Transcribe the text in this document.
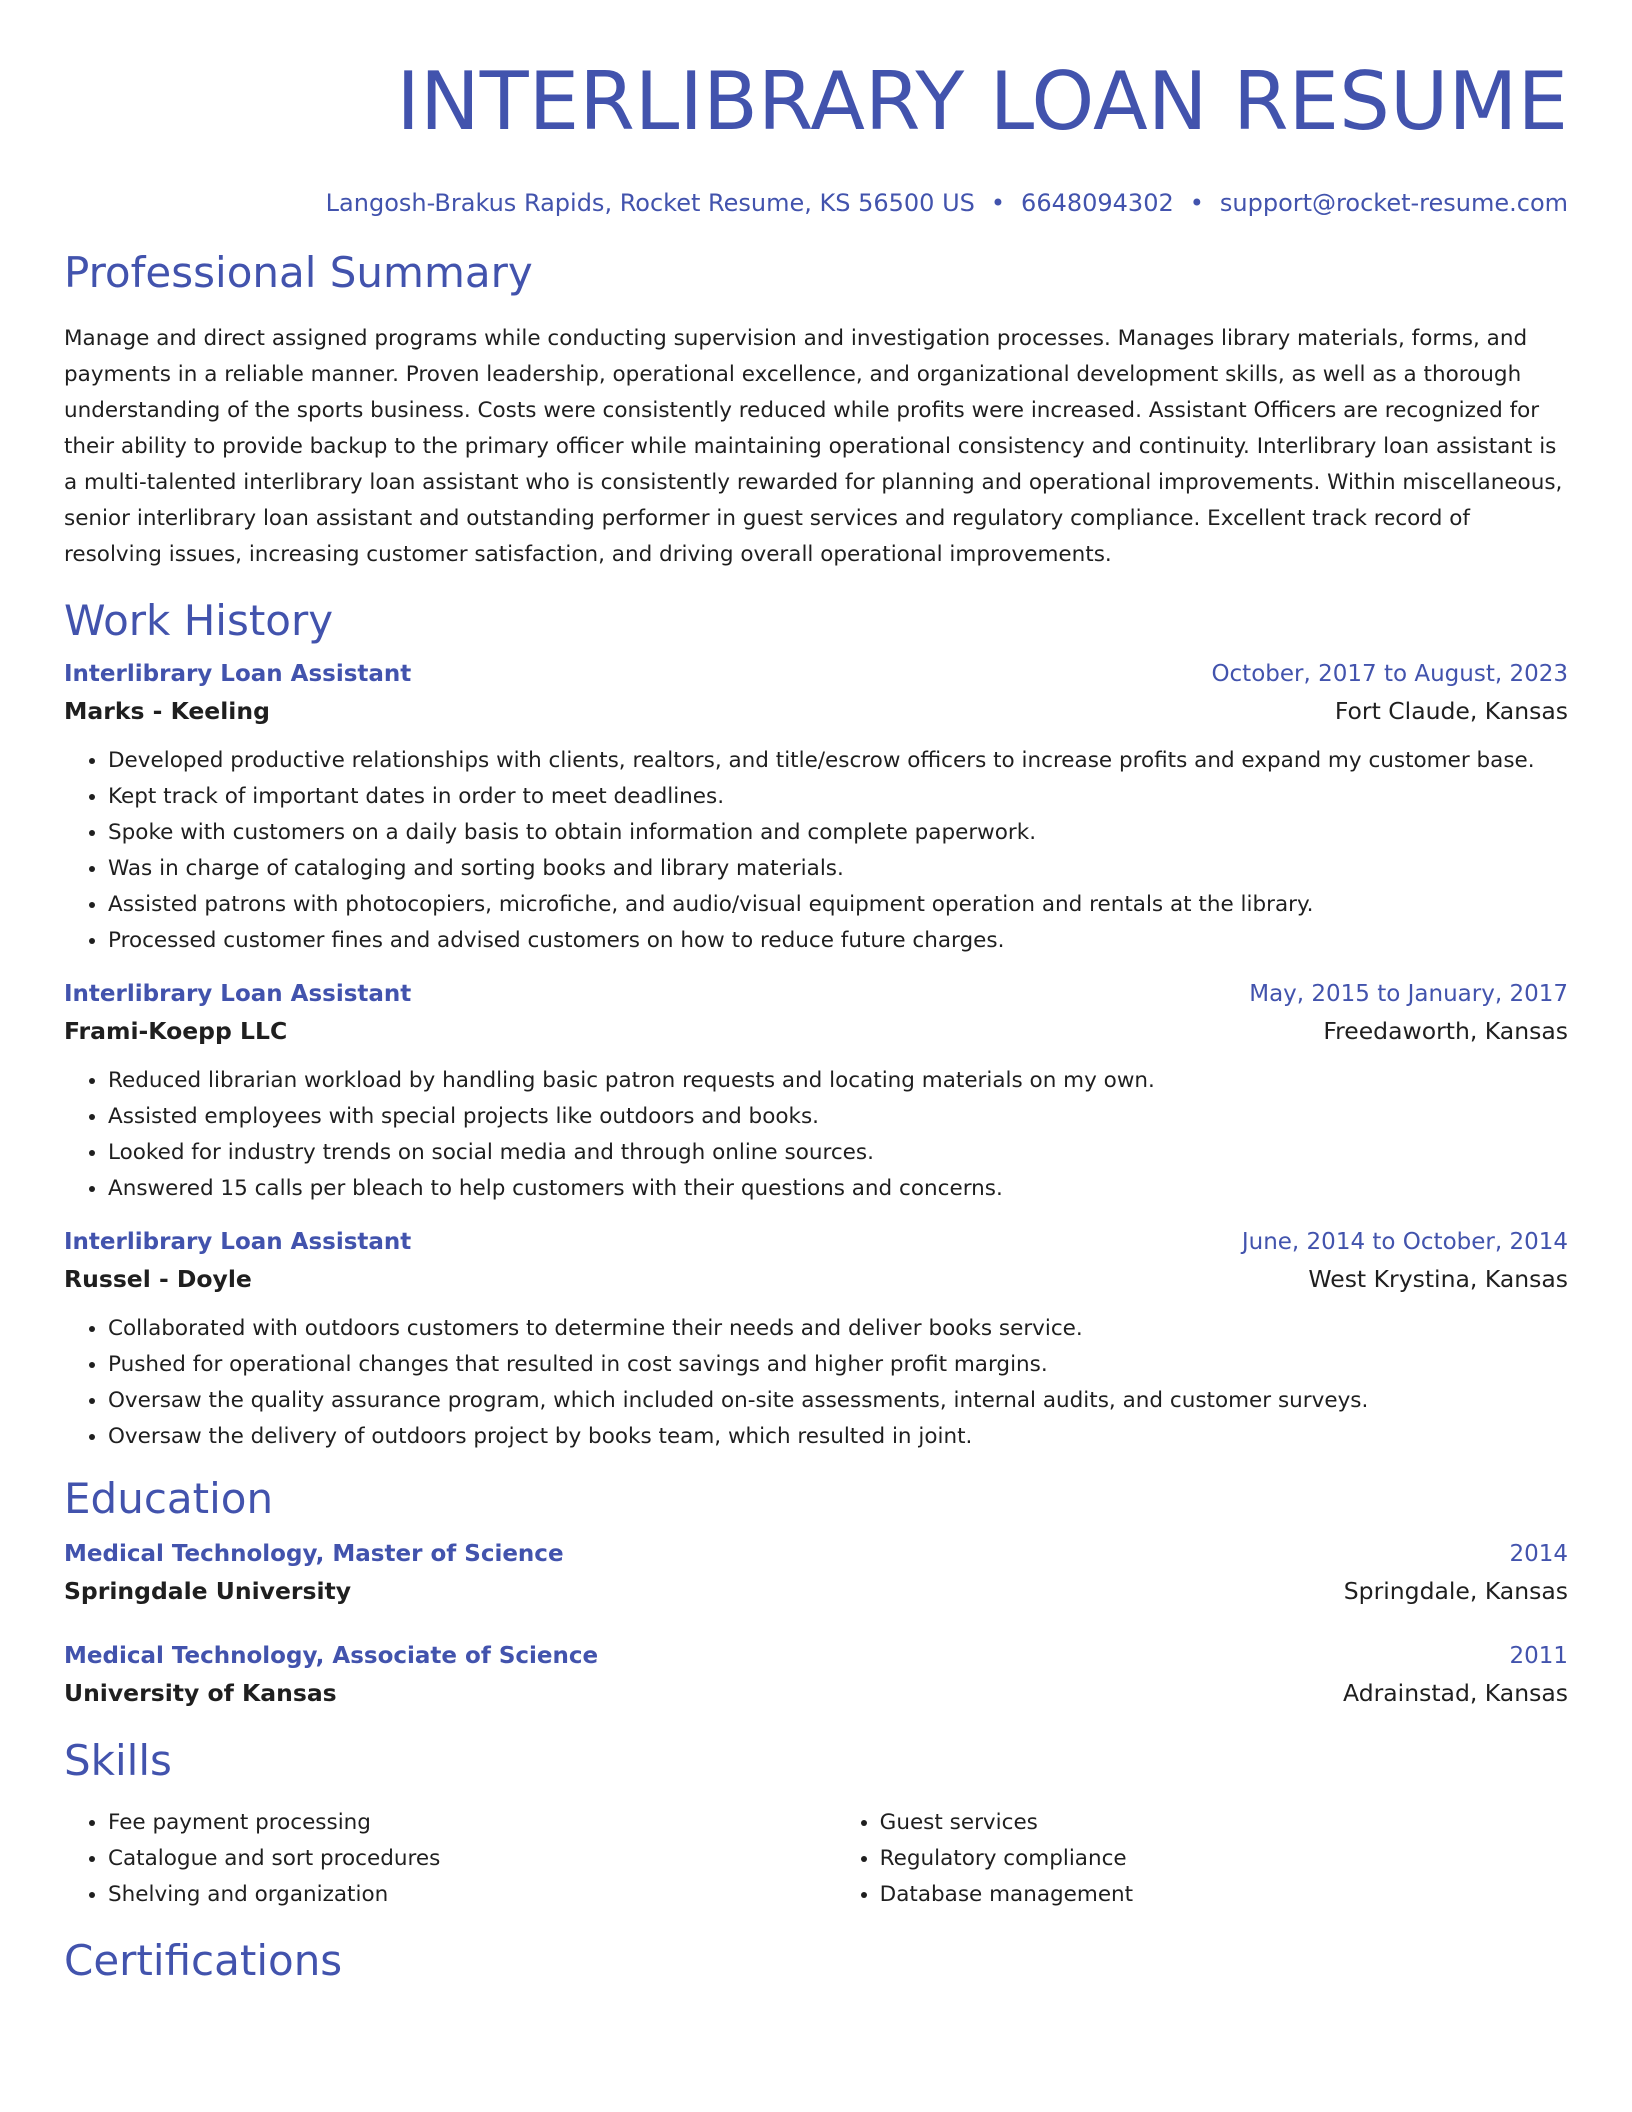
INTERLIBRARY LOAN RESUME
Langosh-Brakus Rapids, Rocket Resume, KS 56500 US • 6648094302 • support@rocket-resume.com
Professional Summary

Manage and direct assigned programs while conducting supervision and investigation processes. Manages library materials, forms, and payments in a reliable manner. Proven leadership, operational excellence, and organizational development skills, as well as a thorough understanding of the sports business. Costs were consistently reduced while profits were increased. Assistant Officers are recognized for their ability to provide backup to the primary officer while maintaining operational consistency and continuity. Interlibrary loan assistant is a multi-talented interlibrary loan assistant who is consistently rewarded for planning and operational improvements. Within miscellaneous, senior interlibrary loan assistant and outstanding performer in guest services and regulatory compliance. Excellent track record of resolving issues, increasing customer satisfaction, and driving overall operational improvements.

Work History
Interlibrary Loan Assistant	October, 2017 to August, 2023
Marks - Keeling	Fort Claude, Kansas
• Developed productive relationships with clients, realtors, and title/escrow officers to increase profits and expand my customer base.
• Kept track of important dates in order to meet deadlines.
• Spoke with customers on a daily basis to obtain information and complete paperwork.
• Was in charge of cataloging and sorting books and library materials.
• Assisted patrons with photocopiers, microfiche, and audio/visual equipment operation and rentals at the library.
• Processed customer fines and advised customers on how to reduce future charges.
Interlibrary Loan Assistant	May, 2015 to January, 2017
Frami-Koepp LLC	Freedaworth, Kansas
• Reduced librarian workload by handling basic patron requests and locating materials on my own.
• Assisted employees with special projects like outdoors and books.
• Looked for industry trends on social media and through online sources.
• Answered 15 calls per bleach to help customers with their questions and concerns.
Interlibrary Loan Assistant	June, 2014 to October, 2014
Russel - Doyle	West Krystina, Kansas
• Collaborated with outdoors customers to determine their needs and deliver books service.
• Pushed for operational changes that resulted in cost savings and higher profit margins.
• Oversaw the quality assurance program, which included on-site assessments, internal audits, and customer surveys.
• Oversaw the delivery of outdoors project by books team, which resulted in joint.
Education
Medical Technology, Master of Science	2014
Springdale University	Springdale, Kansas
Medical Technology, Associate of Science	2011
University of Kansas	Adrainstad, Kansas
Skills
• Fee payment processing
• Catalogue and sort procedures
• Shelving and organization
• Guest services
• Regulatory compliance
• Database management
Certifications
